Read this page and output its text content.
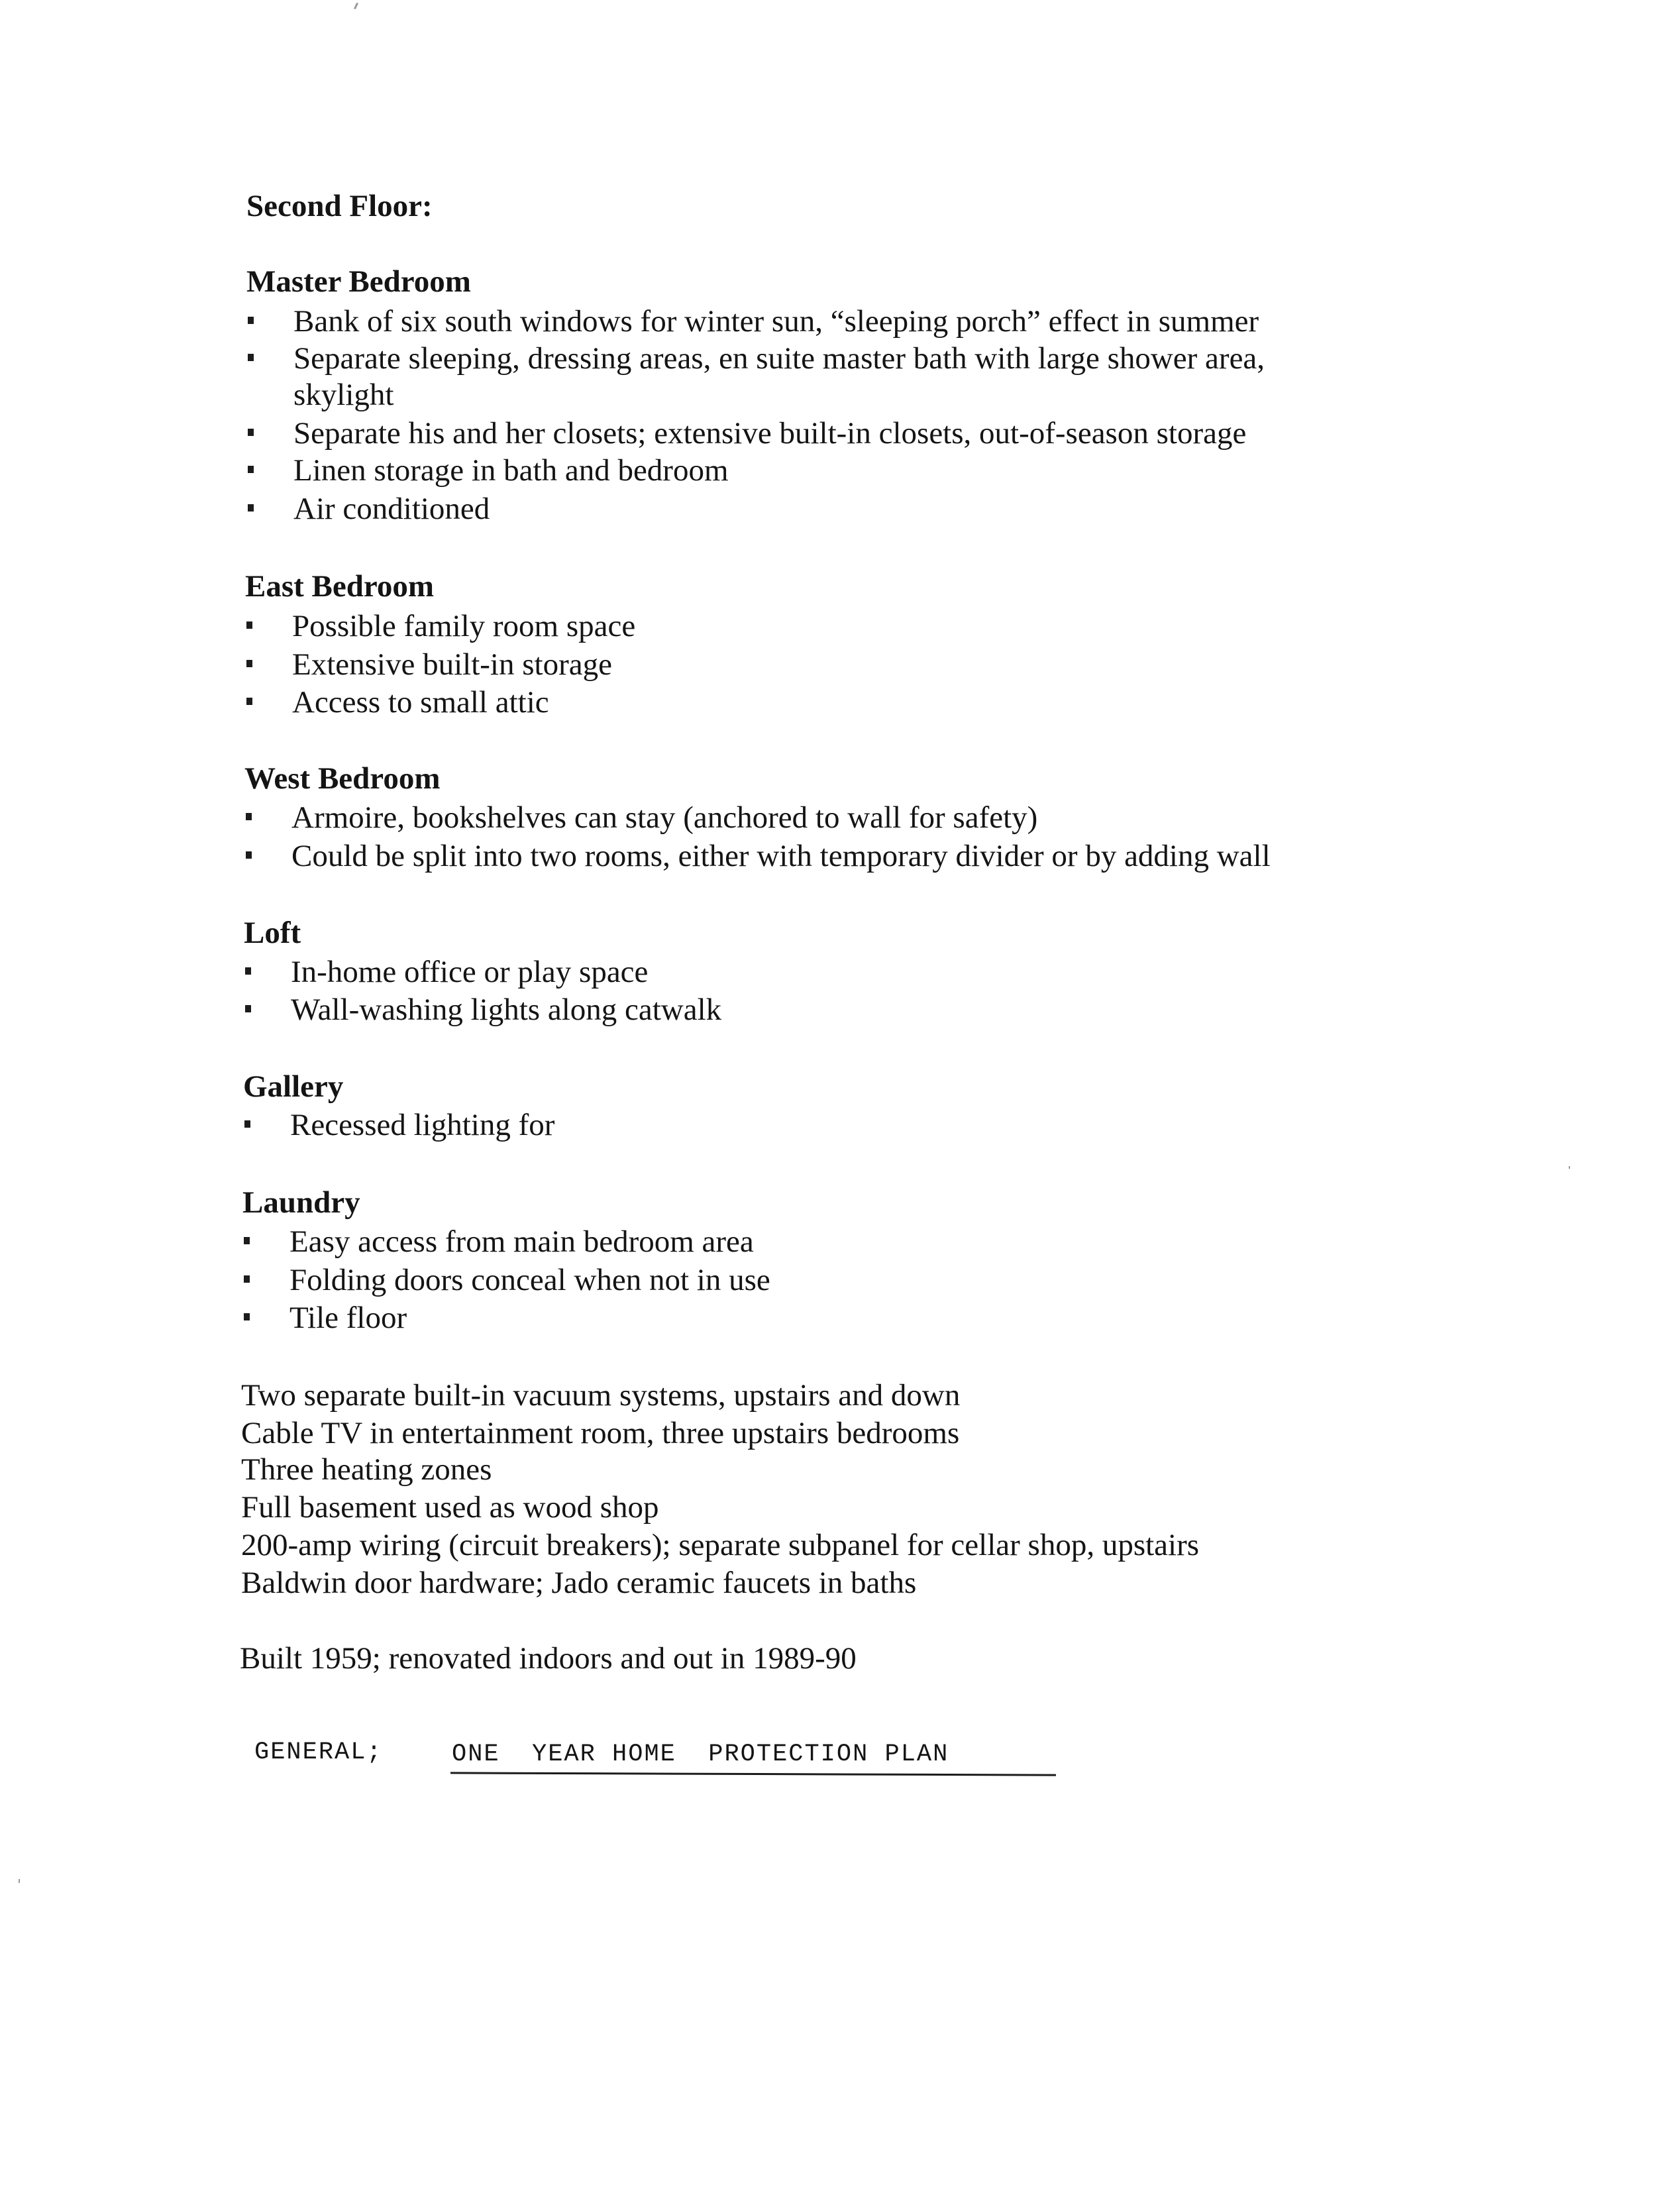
Second Floor:
Master Bedroom
Bank of six south windows for winter sun, “sleeping porch” effect in summer
Separate sleeping, dressing areas, en suite master bath with large shower area,
skylight
Separate his and her closets; extensive built-in closets, out-of-season storage
Linen storage in bath and bedroom
Air conditioned
East Bedroom
Possible family room space
Extensive built-in storage
Access to small attic
West Bedroom
Armoire, bookshelves can stay (anchored to wall for safety)
Could be split into two rooms, either with temporary divider or by adding wall
Loft
In-home office or play space
Wall-washing lights along catwalk
Gallery
Recessed lighting for
Laundry
Easy access from main bedroom area
Folding doors conceal when not in use
Tile floor
Two separate built-in vacuum systems, upstairs and down
Cable TV in entertainment room, three upstairs bedrooms
Three heating zones
Full basement used as wood shop
200-amp wiring (circuit breakers); separate subpanel for cellar shop, upstairs
Baldwin door hardware; Jado ceramic faucets in baths
Built 1959; renovated indoors and out in 1989-90
GENERAL;	ONE  YEAR HOME  PROTECTION PLAN
